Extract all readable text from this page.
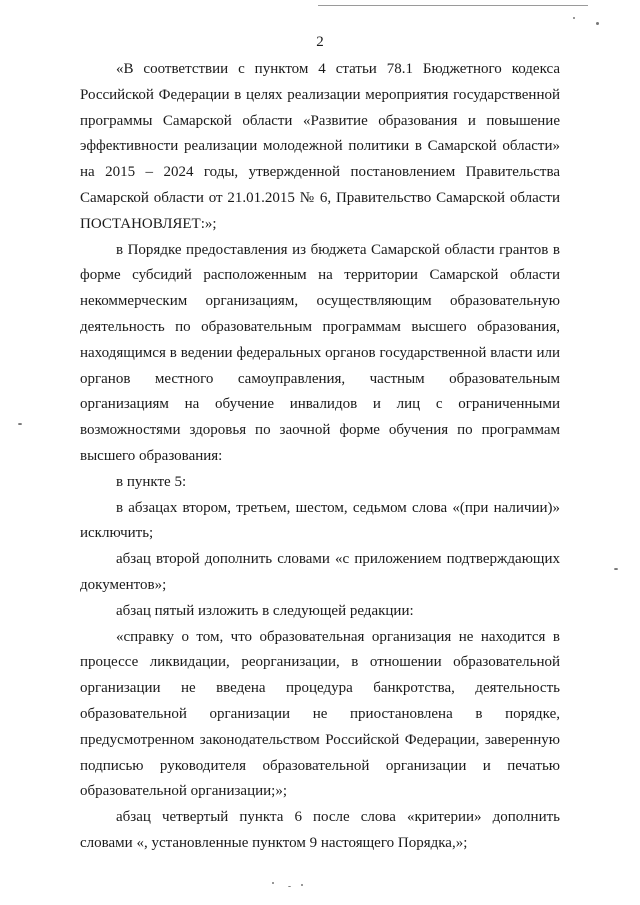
2

«В соответствии с пунктом 4 статьи 78.1 Бюджетного кодекса Российской Федерации в целях реализации мероприятия государственной программы Самарской области «Развитие образования и повышение эффективности реализации молодежной политики в Самарской области» на 2015 – 2024 годы, утвержденной постановлением Правительства Самарской области от 21.01.2015 № 6, Правительство Самарской области ПОСТАНОВЛЯЕТ:»;

в Порядке предоставления из бюджета Самарской области грантов в форме субсидий расположенным на территории Самарской области некоммерческим организациям, осуществляющим образовательную деятельность по образовательным программам высшего образования, находящимся в ведении федеральных органов государственной власти или органов местного самоуправления, частным образовательным организациям на обучение инвалидов и лиц с ограниченными возможностями здоровья по заочной форме обучения по программам высшего образования:

в пункте 5:

в абзацах втором, третьем, шестом, седьмом слова «(при наличии)» исключить;

абзац второй дополнить словами «с приложением подтверждающих документов»;

абзац пятый изложить в следующей редакции:

«справку о том, что образовательная организация не находится в процессе ликвидации, реорганизации, в отношении образовательной организации не введена процедура банкротства, деятельность образовательной организации не приостановлена в порядке, предусмотренном законодательством Российской Федерации, заверенную подписью руководителя образовательной организации и печатью образовательной организации;»;

абзац четвертый пункта 6 после слова «критерии» дополнить словами «, установленные пунктом 9 настоящего Порядка,»;
